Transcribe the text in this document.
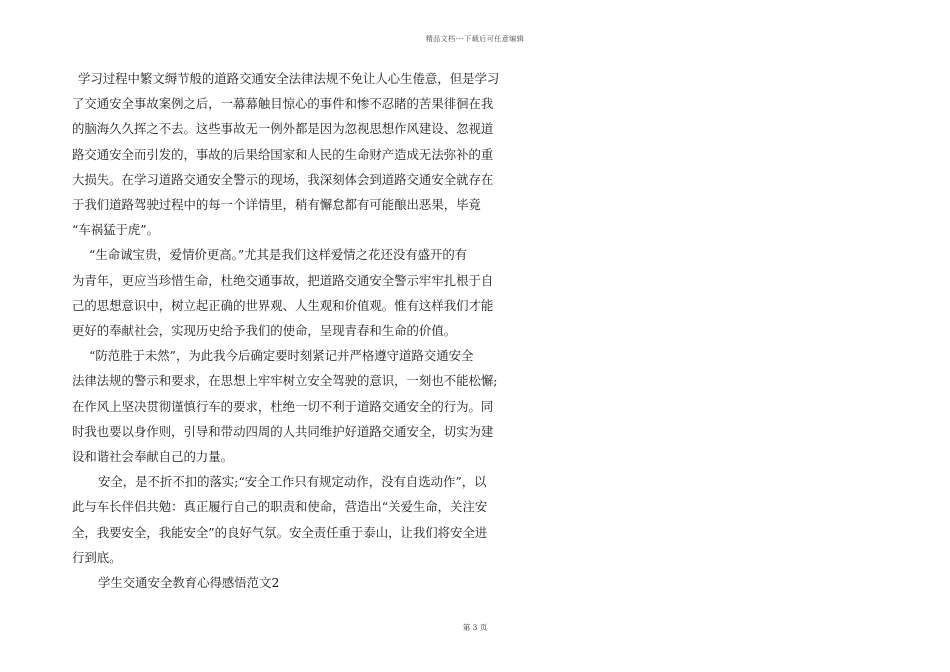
精品文档---下载后可任意编辑
学习过程中繁文缛节般的道路交通安全法律法规不免让人心生倦意，但是学习
了交通安全事故案例之后，一幕幕触目惊心的事件和惨不忍睹的苦果徘徊在我
的脑海久久挥之不去。这些事故无一例外都是因为忽视思想作风建设、忽视道
路交通安全而引发的，事故的后果给国家和人民的生命财产造成无法弥补的重
大损失。在学习道路交通安全警示的现场，我深刻体会到道路交通安全就存在
于我们道路驾驶过程中的每一个详情里，稍有懈怠都有可能酿出恶果，毕竟
“车祸猛于虎”。
“生命诚宝贵，爱情价更高。”尤其是我们这样爱情之花还没有盛开的有
为青年，更应当珍惜生命，杜绝交通事故，把道路交通安全警示牢牢扎根于自
己的思想意识中，树立起正确的世界观、人生观和价值观。惟有这样我们才能
更好的奉献社会，实现历史给予我们的使命，呈现青春和生命的价值。
“防范胜于未然”，为此我今后确定要时刻紧记并严格遵守道路交通安全
法律法规的警示和要求，在思想上牢牢树立安全驾驶的意识，一刻也不能松懈;
在作风上坚决贯彻谨慎行车的要求，杜绝一切不利于道路交通安全的行为。同
时我也要以身作则，引导和带动四周的人共同维护好道路交通安全，切实为建
设和谐社会奉献自己的力量。
安全，是不折不扣的落实;“安全工作只有规定动作，没有自选动作”，以
此与车长伴侣共勉：真正履行自己的职责和使命，营造出“关爱生命，关注安
全，我要安全，我能安全”的良好气氛。安全责任重于泰山，让我们将安全进
行到底。
学生交通安全教育心得感悟范文2
第 3 页
